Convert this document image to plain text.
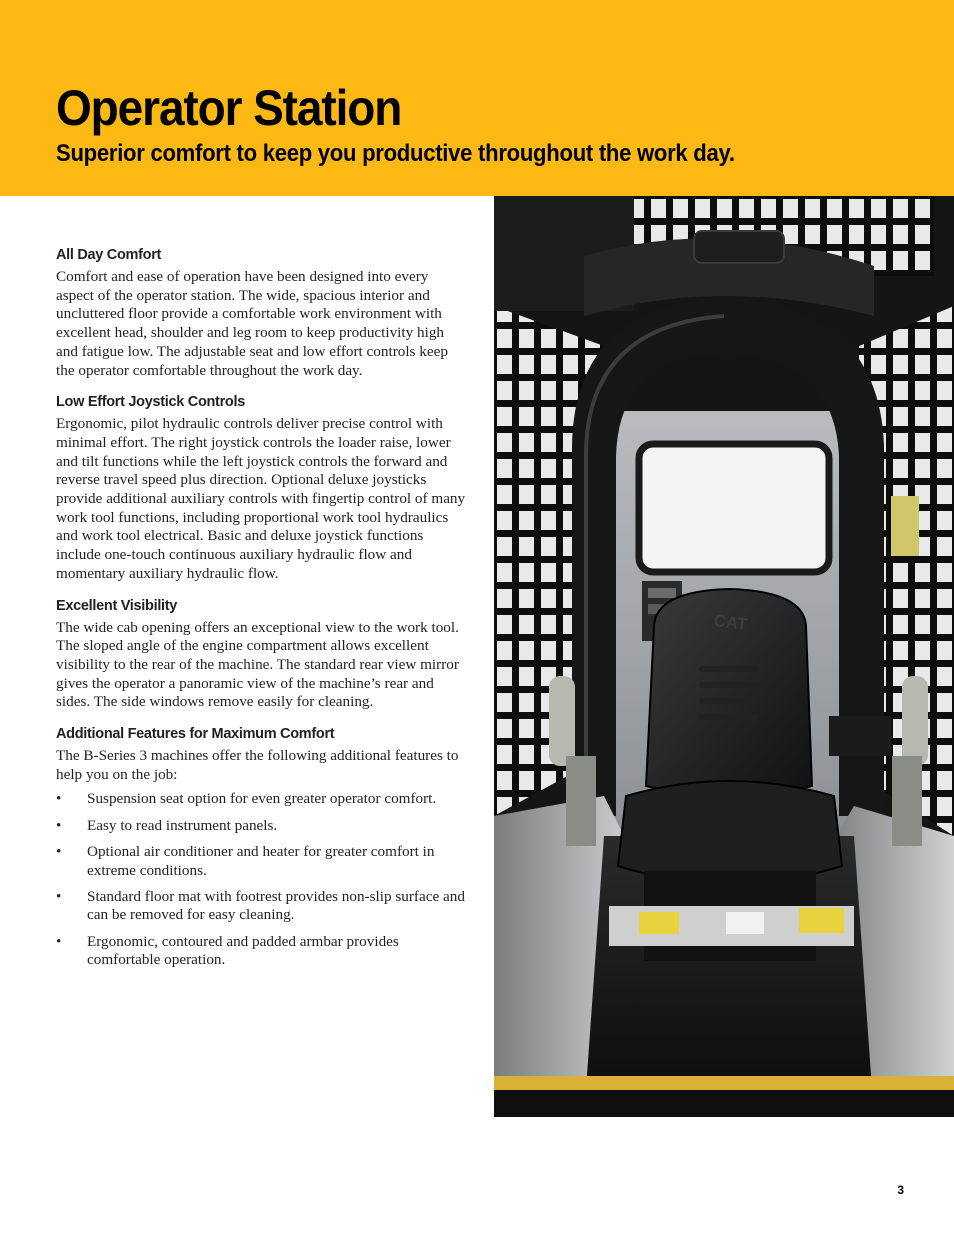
Operator Station
Superior comfort to keep you productive throughout the work day.
All Day Comfort

Comfort and ease of operation have been designed into every aspect of the operator station. The wide, spacious interior and uncluttered floor provide a comfortable work environment with excellent head, shoulder and leg room to keep productivity high and fatigue low. The adjustable seat and low effort controls keep the operator comfortable throughout the work day.

Low Effort Joystick Controls

Ergonomic, pilot hydraulic controls deliver precise control with minimal effort. The right joystick controls the loader raise, lower and tilt functions while the left joystick controls the forward and reverse travel speed plus direction. Optional deluxe joysticks provide additional auxiliary controls with fingertip control of many work tool functions, including proportional work tool hydraulics and work tool electrical. Basic and deluxe joystick functions include one-touch continuous auxiliary hydraulic flow and momentary auxiliary hydraulic flow.

Excellent Visibility

The wide cab opening offers an exceptional view to the work tool. The sloped angle of the engine compartment allows excellent visibility to the rear of the machine. The standard rear view mirror gives the operator a panoramic view of the machine’s rear and sides. The side windows remove easily for cleaning.

Additional Features for Maximum Comfort

The B-Series 3 machines offer the following additional features to help you on the job:

• Suspension seat option for even greater operator comfort.
• Easy to read instrument panels.
• Optional air conditioner and heater for greater comfort in extreme conditions.
• Standard floor mat with footrest provides non-slip surface and can be removed for easy cleaning.
• Ergonomic, contoured and padded armbar provides comfortable operation.
CAT
3
